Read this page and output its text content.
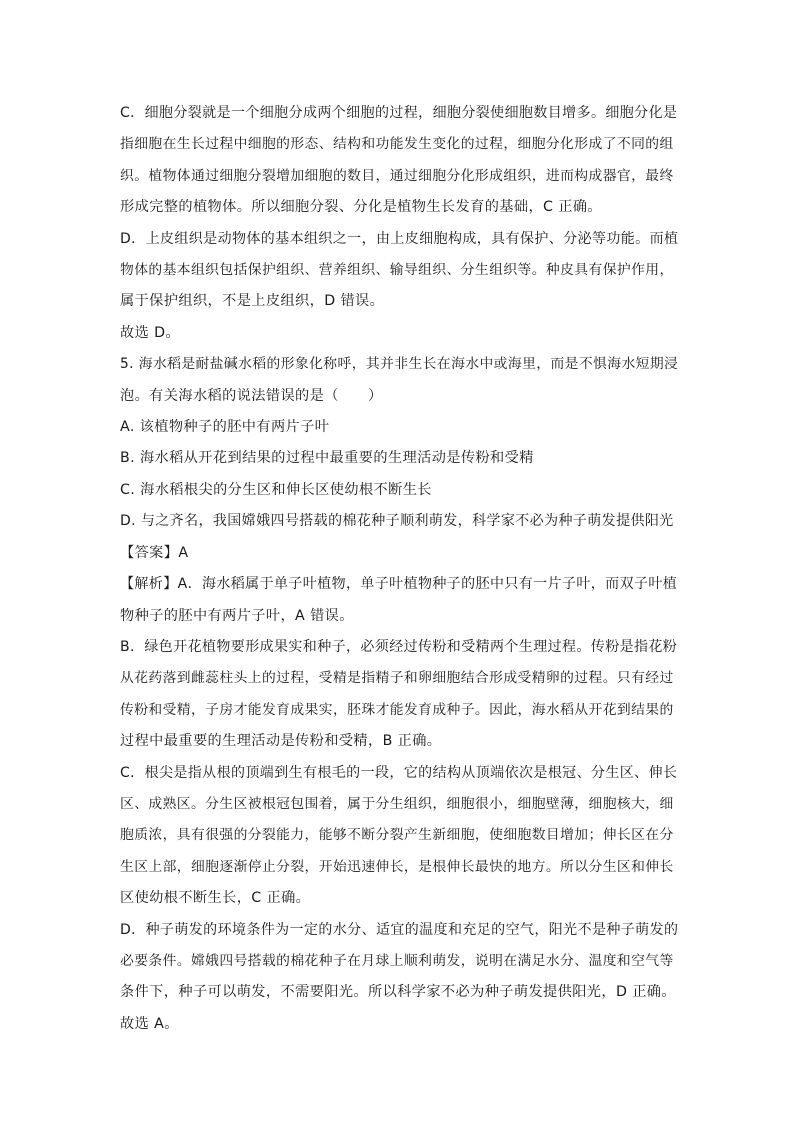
C．细胞分裂就是一个细胞分成两个细胞的过程，细胞分裂使细胞数目增多。细胞分化是
指细胞在生长过程中细胞的形态、结构和功能发生变化的过程，细胞分化形成了不同的组
织。植物体通过细胞分裂增加细胞的数目，通过细胞分化形成组织，进而构成器官，最终
形成完整的植物体。所以细胞分裂、分化是植物生长发育的基础，C 正确。
D．上皮组织是动物体的基本组织之一，由上皮细胞构成，具有保护、分泌等功能。而植
物体的基本组织包括保护组织、营养组织、输导组织、分生组织等。种皮具有保护作用，
属于保护组织，不是上皮组织，D 错误。
故选 D。
5. 海水稻是耐盐碱水稻的形象化称呼，其并非生长在海水中或海里，而是不惧海水短期浸
泡。有关海水稻的说法错误的是（　　）
A. 该植物种子的胚中有两片子叶
B. 海水稻从开花到结果的过程中最重要的生理活动是传粉和受精
C. 海水稻根尖的分生区和伸长区使幼根不断生长
D. 与之齐名，我国嫦娥四号搭载的棉花种子顺利萌发，科学家不必为种子萌发提供阳光
【答案】A
【解析】A．海水稻属于单子叶植物，单子叶植物种子的胚中只有一片子叶，而双子叶植
物种子的胚中有两片子叶，A 错误。
B．绿色开花植物要形成果实和种子，必须经过传粉和受精两个生理过程。传粉是指花粉
从花药落到雌蕊柱头上的过程，受精是指精子和卵细胞结合形成受精卵的过程。只有经过
传粉和受精，子房才能发育成果实，胚珠才能发育成种子。因此，海水稻从开花到结果的
过程中最重要的生理活动是传粉和受精，B 正确。
C．根尖是指从根的顶端到生有根毛的一段，它的结构从顶端依次是根冠、分生区、伸长
区、成熟区。分生区被根冠包围着，属于分生组织，细胞很小，细胞壁薄，细胞核大，细
胞质浓，具有很强的分裂能力，能够不断分裂产生新细胞，使细胞数目增加；伸长区在分
生区上部，细胞逐渐停止分裂，开始迅速伸长，是根伸长最快的地方。所以分生区和伸长
区使幼根不断生长，C 正确。
D．种子萌发的环境条件为一定的水分、适宜的温度和充足的空气，阳光不是种子萌发的
必要条件。嫦娥四号搭载的棉花种子在月球上顺利萌发，说明在满足水分、温度和空气等
条件下，种子可以萌发，不需要阳光。所以科学家不必为种子萌发提供阳光，D 正确。
故选 A。
